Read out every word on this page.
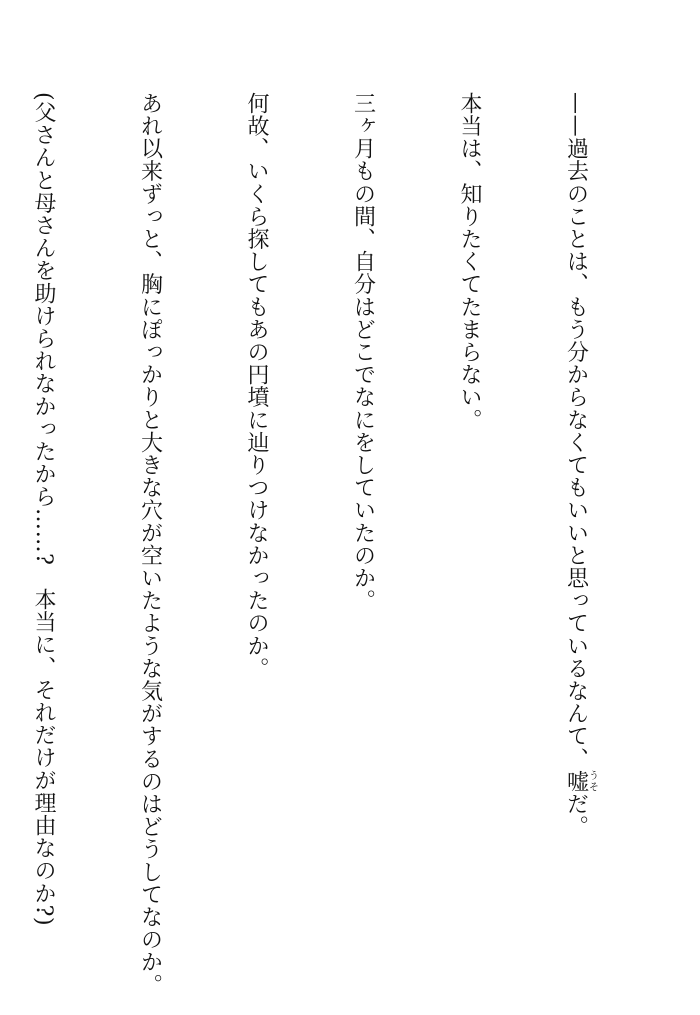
——過去のことは、もう分からなくてもいいと思っているなんて、嘘うそだ。

本当は、知りたくてたまらない。

三ヶ月もの間、自分はどこでなにをしていたのか。

何故、いくら探してもあの円墳に辿りつけなかったのか。

あれ以来ずっと、胸にぽっかりと大きな穴が空いたような気がするのはどうしてなのか。

(父さんと母さんを助けられなかったから……?　本当に、それだけが理由なのか?)
